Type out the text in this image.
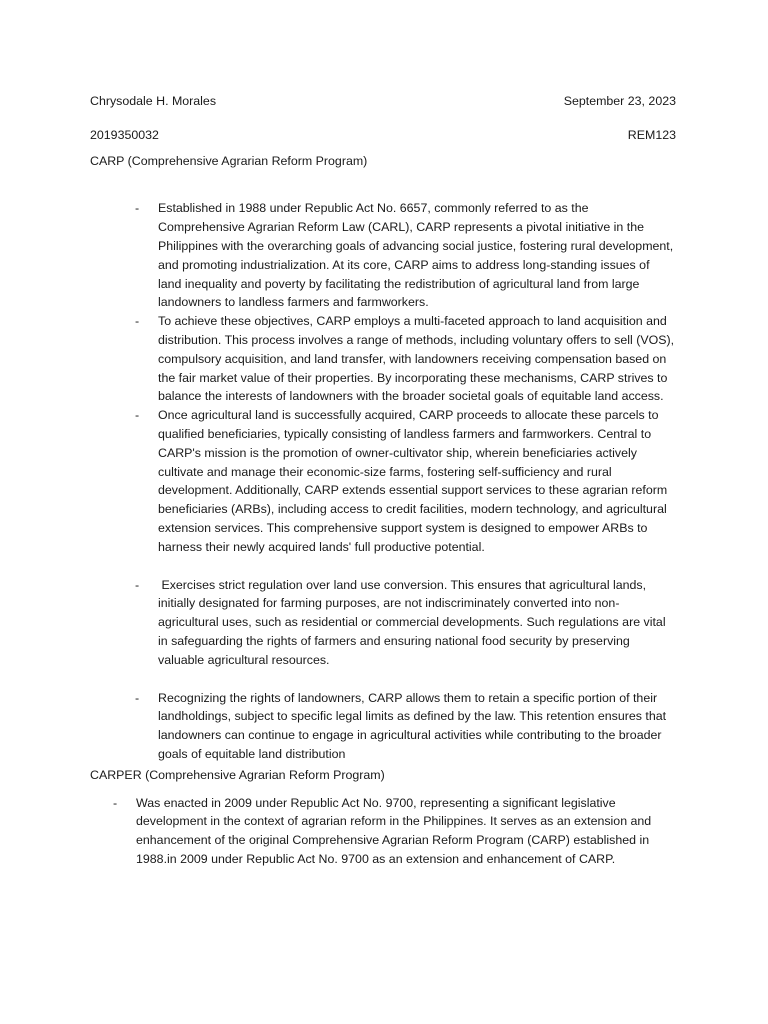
Chrysodale H. Morales	September 23, 2023
2019350032	REM123

CARP (Comprehensive Agrarian Reform Program)

- Established in 1988 under Republic Act No. 6657, commonly referred to as the Comprehensive Agrarian Reform Law (CARL), CARP represents a pivotal initiative in the Philippines with the overarching goals of advancing social justice, fostering rural development, and promoting industrialization. At its core, CARP aims to address long-standing issues of land inequality and poverty by facilitating the redistribution of agricultural land from large landowners to landless farmers and farmworkers.
- To achieve these objectives, CARP employs a multi-faceted approach to land acquisition and distribution. This process involves a range of methods, including voluntary offers to sell (VOS), compulsory acquisition, and land transfer, with landowners receiving compensation based on the fair market value of their properties. By incorporating these mechanisms, CARP strives to balance the interests of landowners with the broader societal goals of equitable land access.
- Once agricultural land is successfully acquired, CARP proceeds to allocate these parcels to qualified beneficiaries, typically consisting of landless farmers and farmworkers. Central to CARP's mission is the promotion of owner-cultivator ship, wherein beneficiaries actively cultivate and manage their economic-size farms, fostering self-sufficiency and rural development. Additionally, CARP extends essential support services to these agrarian reform beneficiaries (ARBs), including access to credit facilities, modern technology, and agricultural extension services. This comprehensive support system is designed to empower ARBs to harness their newly acquired lands' full productive potential.
- Exercises strict regulation over land use conversion. This ensures that agricultural lands, initially designated for farming purposes, are not indiscriminately converted into non-agricultural uses, such as residential or commercial developments. Such regulations are vital in safeguarding the rights of farmers and ensuring national food security by preserving valuable agricultural resources.
- Recognizing the rights of landowners, CARP allows them to retain a specific portion of their landholdings, subject to specific legal limits as defined by the law. This retention ensures that landowners can continue to engage in agricultural activities while contributing to the broader goals of equitable land distribution

CARPER (Comprehensive Agrarian Reform Program)

- Was enacted in 2009 under Republic Act No. 9700, representing a significant legislative development in the context of agrarian reform in the Philippines. It serves as an extension and enhancement of the original Comprehensive Agrarian Reform Program (CARP) established in 1988.in 2009 under Republic Act No. 9700 as an extension and enhancement of CARP.
